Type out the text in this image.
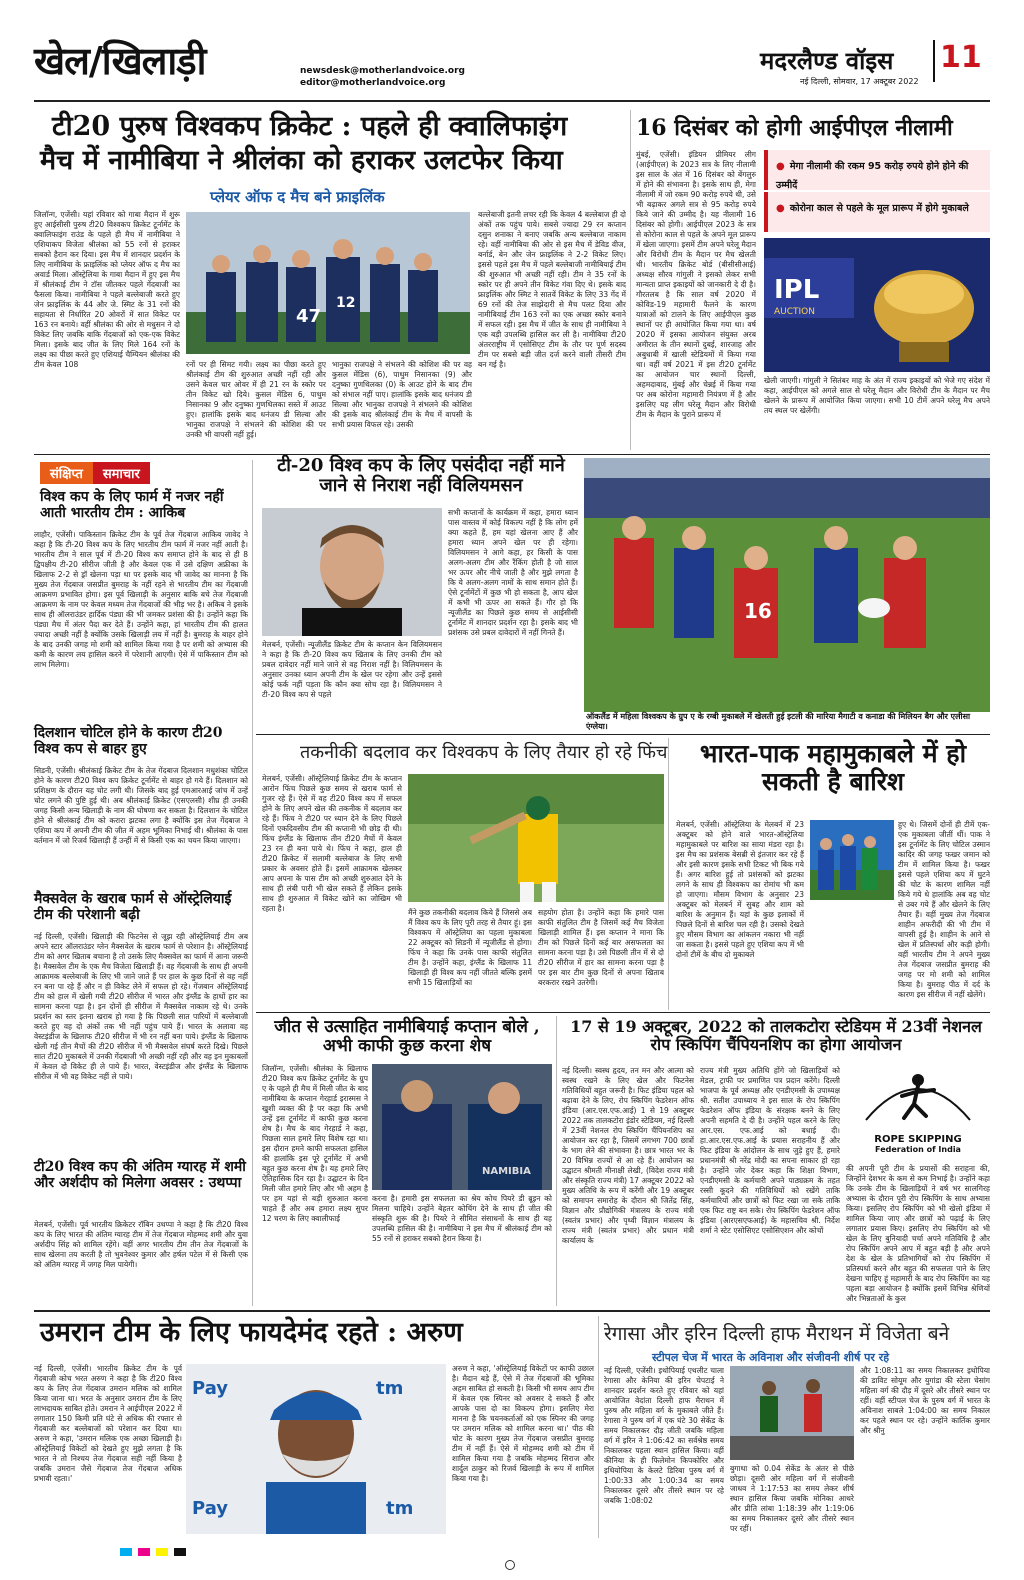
खेल/खिलाड़ी	newsdesk@motherlandvoice.org
editor@motherlandvoice.org
मदरलैण्ड वॉइस 11
नई दिल्ली, सोमवार, 17 अक्टूबर 2022
टी20 पुरुष विश्वकप क्रिकेट : पहले ही क्वालिफाइंग
मैच में नामीबिया ने श्रीलंका को हराकर उलटफेर किया
प्लेयर ऑफ द मैच बने फ्राइलिंक
जिलॉन्ग, एजेंसी। यहां रविवार को गाबा मैदान में शुरू हुए आईसीसी पुरुष टी20 विश्वकप क्रिकेट टूर्नामेंट के क्वालिफाइंग राउंड के पहले ही मैच में नामीबिया ने एशियाकप विजेता श्रीलंका को 55 रनों से हराकर सबको हैरान कर दिया। इस मैच में शानदार प्रदर्शन के लिए नामीबिया के फ्राइलिंक को प्लेयर ऑफ द मैच का अवार्ड मिला। ऑस्ट्रेलिया के गाबा मैदान में हुए इस मैच में श्रीलंकाई टीम ने टॉस जीतकर पहले गेंदबाजी का फैसला किया। नामीबिया ने पहले बल्लेबाजी करते हुए जेन फ्राइलिंक के 44 और जे. स्मिट के 31 रनों की सहायता से निर्धारित 20 ओवरों में सात विकेट पर 163 रन बनाये। वहीं श्रीलंका की ओर से मधुसन ने दो विकेट लिए जबकि बाकि गेंदबाजों को एक-एक विकेट मिला। इसके बाद जीत के लिए मिले 164 रनों के लक्ष्य का पीछा करते हुए एशियाई चैम्पियन श्रीलंका की टीम केवल 108
47
12
बल्लेबाजी इतनी लचर रही कि केवल 4 बल्लेबाज ही दो अंकों तक पहुंच पाये। सबसे ज्यादा 29 रन कप्तान दसुन शनाका ने बनाए जबकि अन्य बल्लेबाज नाकाम रहे। वहीं नामीबिया की ओर से इस मैच में डेविड वीज, बर्नार्ड, बेन और जेन फ्राइलिंक ने 2-2 विकेट लिए। इससे पहले इस मैच में पहले बल्लेबाजी नामीबियाई टीम की शुरुआत भी अच्छी नहीं रही। टीम ने 35 रनों के स्कोर पर ही अपने तीन विकेट गंवा दिए थे। इसके बाद फ्राइलिंक और स्मिट ने सातवें विकेट के लिए 33 गेंद में 69 रनों की तेज साझेदारी से मैच पलट दिया और नामीबियाई टीम 163 रनों का एक अच्छा स्कोर बनाने में सफल रही। इस मैच में जीत के साथ ही नामीबिया ने एक बड़ी उपलब्धि हासिल कर ली है। नामीबिया टी20 अंतरराष्ट्रीय में एसोसिएट टीम के तौर पर पूर्ण सदस्य टीम पर सबसे बड़ी जीत दर्ज करने वाली तीसरी टीम बन गई है।
रनों पर ही सिमट गयी। लक्ष्य का पीछा करते हुए श्रीलंकाई टीम की शुरुआत अच्छी नहीं रही और उसने केवल चार ओवर में ही 21 रन के स्कोर पर तीन विकेट खो दिये। कुसल मेंडिस 6, पाथुम निसानका 9 और दनुष्का गुणथिलका सस्ते में आउट हुए। हालांकि इसके बाद धनंजय डी सिल्वा और भानुका राजपक्षे ने संभलने की कोशिश की पर उनकी भी वापसी नहीं हुई।
भानुका राजपक्षे ने संभलने की कोशिश की पर वह कुसल मेंडिस (6), पाथुम निसानका (9) और दनुष्का गुणथिलका (0) के आउट होने के बाद टीम को संभाल नहीं पाए। हालांकि इसके बाद धनंजय डी सिल्वा और भानुका राजपक्षे ने संभलने की कोशिश की इसके बाद श्रीलंकाई टीम के मैच में वापसी के सभी प्रयास विफल रहे। उसकी
16 दिसंबर को होगी आईपीएल नीलामी
मुंबई, एजेंसी। इंडियन प्रीमियर लीग (आईपीएल) के 2023 सत्र के लिए नीलामी इस साल के अंत में 16 दिसंबर को बेंगलुरु में होने की संभावना है। इसके साथ ही, मेगा नीलामी में जो रकम 90 करोड़ रुपये थी, उसे भी बढ़ाकर अगले सत्र से 95 करोड़ रुपये किये जाने की उम्मीद है। यह नीलामी 16 दिसंबर को होगी। आईपीएल 2023 के सत्र से कोरोना काल से पहले के अपने मूल प्रारूप में खेला जाएगा। इसमें टीम अपने घरेलू मैदान और विरोधी टीम के मैदान पर मैच खेलती थी। भारतीय क्रिकेट बोर्ड (बीसीसीआई) अध्यक्ष सौरव गांगुली ने इसको लेकर सभी मान्यता प्राप्त इकाइयों को जानकारी दे दी है। गौरतलब है कि साल वर्ष 2020 में कोविड-19 महामारी फैलने के कारण यात्राओं को टालने के लिए आईपीएल कुछ स्थानों पर ही आयोजित किया गया था। वर्ष 2020 में इसका आयोजन संयुक्त अरब अमीरात के तीन स्थानों दुबई, शारजाह और अबुधाबी में खाली स्टेडियमों में किया गया था। वहीं वर्ष 2021 में इस टी20 टूर्नामेंट का आयोजन चार स्थानों दिल्ली, अहमदाबाद, मुंबई और चेन्नई में किया गया पर अब कोरोना महामारी नियंत्रण में है और इसलिए यह लीग घरेलू मैदान और विरोधी टीम के मैदान के पुराने प्रारूप में
● मेगा नीलामी की रकम 95 करोड़ रुपये होने होने की उम्मीदें
● कोरोना काल से पहले के मूल प्रारूप में होगे मुकाबले
IPL
AUCTION
खेली जाएगी। गांगुली ने सितंबर माह के अंत में राज्य इकाइयों को भेजे गए संदेश में कहा, आईपीएल को अगले साल से घरेलू मैदान और विरोधी टीम के मैदान पर मैच खेलने के प्रारूप में आयोजित किया जाएगा। सभी 10 टीमें अपने घरेलू मैच अपने तय स्थल पर खेलेंगी।
संक्षिप्त	समाचार
विश्व कप के लिए फार्म में नजर नहीं आती भारतीय टीम : आकिब
लाहौर, एजेंसी। पाकिस्तान क्रिकेट टीम के पूर्व तेज गेंदबाज आकिब जावेद ने कहा है कि टी-20 विश्व कप के लिए भारतीय टीम फार्म में नजर नहीं आती है। भारतीय टीम ने साल पूर्व में टी-20 विश्व कप समाप्त होने के बाद से ही 8 द्विपक्षीय टी-20 सीरीज जीती है और केवल एक में उसे दक्षिण अफ्रीका के खिलाफ 2-2 से ड्रॉ खेलना पड़ा था पर इसके बाद भी जावेद का मानना है कि मुख्य तेज गेंदबाज जसप्रीत बुमराह के नहीं रहने से भारतीय टीम का गेंदबाजी आक्रमण प्रभावित होगा। इस पूर्व खिलाड़ी के अनुसार बाकि बचे तेज गेंदबाजी आक्रमण के नाम पर केवल मध्यम तेज गेंदबाजों की भीड़ भर है। अकिब ने इसके साथ ही ऑलराउंडर हार्दिक पंड्या की भी जमकर प्रशंसा की है। उन्होंने कहा कि पंड्या मैच में अंतर पैदा कर देते हैं। उन्होंने कहा, हां भारतीय टीम की हालत ज्यादा अच्छी नहीं है क्योंकि उसके खिलाड़ी लय में नहीं है। बुमराह के बाहर होने के बाद उनकी जगह मो शमी को शामिल किया गया है पर शमी को अभ्यास की कमी के कारण लय हासिल करने में परेशानी आएगी। ऐसे में पाकिस्तान टीम को लाभ मिलेगा।
दिलशान चोटिल होने के कारण टी20 विश्व कप से बाहर हुए
सिडनी, एजेंसी। श्रीलंकाई क्रिकेट टीम के तेज गेंदबाज दिलशान मधुशंका चोटिल होने के कारण टी20 विश्व कप क्रिकेट टूर्नामेंट से बाहर हो गये हैं। दिलशान को प्रशिक्षण के दौरान यह चोट लगी थी। जिसके बाद हुई एमआरआई जांच में उन्हें चोट लगने की पुष्टि हुई थी। अब श्रीलंकाई क्रिकेट (एसएलसी) शीघ्र ही उनकी जगह किसी अन्य खिलाड़ी के नाम की घोषणा कर सकता है। दिलशान के चोटिल होने से श्रीलंकाई टीम को करारा झटका लगा है क्योंकि इस तेज गेंदबाज ने एशिया कप में अपनी टीम की जीत में अहम भूमिका निभाई थी। श्रीलंका के पास वर्तमान में जो रिजर्व खिलाड़ी हैं उन्हीं में से किसी एक का चयन किया जाएगा।
मैक्सवेल के खराब फार्म से ऑस्ट्रेलियाई टीम की परेशानी बढ़ी
नई दिल्ली, एजेंसी। खिलाड़ी की फिटनेस से जूझ रही ऑस्ट्रेलियाई टीम अब अपने स्टार ऑलराउंडर ग्लेन मैक्सवेल के खराब फार्म से परेशान है। ऑस्ट्रेलियाई टीम को अगर खिताब बचाना है तो उसके लिए मैक्सवेल का फार्म में आना जरूरी है। मैक्सवेल टीम के एक मैच विजेता खिलाड़ी हैं। वह गेंदबाजी के साथ ही अपनी आक्रामक बल्लेबाजी के लिए भी जाने जाते हैं पर हाल के कुछ दिनों से वह नहीं रन बना पा रहे हैं और न ही विकेट लेने में सफल हो रहे। गेंजबान ऑस्ट्रेलियाई टीम को हाल में खेली गयी टी20 सीरीज में भारत और इंग्लैंड के हाथों हार का सामना करना पड़ा है। इन दोनों ही सीरीज में मैक्सवेल नाकाम रहे थे। उनके प्रदर्शन का स्तर इतना खराब हो गया है कि पिछली सात पारियों में बल्लेबाजी करते हुए वह दो अंकों तक भी नहीं पहुंच पाये हैं। भारत के अलावा वह वेस्टइंडीज के खिलाफ टी20 सीरीज में भी रन नहीं बना पाये। इंग्लैंड के खिलाफ खेली गई तीन मैचों की टी20 सीरीज में भी मैक्सवेल संघर्ष करते दिखे। पिछले सात टी20 मुकाबले में उनकी गेंदबाजी भी अच्छी नहीं रही और वह इन मुकाबलों में केवल दो विकेट ही ले पाये हैं। भारत, वेस्टइंडीज और इंग्लैंड के खिलाफ सीरीज में भी वह विकेट नहीं ले पाये।
टी20 विश्व कप की अंतिम ग्यारह में शमी और अर्शदीप को मिलेगा अवसर : उथप्पा
मेलबर्न, एजेंसी। पूर्व भारतीय क्रिकेटर रॉबिन उथप्पा ने कहा है कि टी20 विश्व कप के लिए भारत की अंतिम ग्यारह टीम में तेज गेंदबाज मोहम्मद शमी और युवा अर्शदीप सिंह को शामिल रहेंगे। वहीं अगर भारतीय टीम तीन तेज गेंदबाजों के साथ खेलना तय करती है तो भुवनेश्वर कुमार और हर्षल पटेल में से किसी एक को अंतिम ग्यारह में जगह मिल पायेगी।
टी-20 विश्व कप के लिए पसंदीदा नहीं माने जाने से निराश नहीं विलियमसन
सभी कप्तानों के कार्यक्रम में कहा, हमारा ध्यान पास वास्तव में कोई विकल्प नहीं है कि लोग हमें क्या कहते हैं, हम यहां खेलना आए हैं और हमारा ध्यान अपने खेल पर ही रहेगा। विलियमसन ने आगे कहा, हर किसी के पास अलग-अलग टीम और रैंकिंग होती है जो साल भर ऊपर और नीचे जाती है और मुझे लगता है कि ये अलग-अलग नामों के साथ समान होते हैं। ऐसे टूर्नामेंटों में कुछ भी हो सकता है, आप खेल में कभी भी ऊपर आ सकते हैं। गौर हो कि न्यूजीलैंड का पिछले कुछ समय से आईसीसी टूर्नामेंट में शानदार प्रदर्शन रहा है। इसके बाद भी प्रशंसक उसे प्रबल दावेदारों में नहीं गिनते हैं।
मेलबर्न, एजेंसी। न्यूजीलैंड क्रिकेट टीम के कप्तान केन विलियमसन ने कहा है कि टी-20 विश्व कप खिताब के लिए उनकी टीम को प्रबल दावेदार नहीं माने जाने से वह निराश नहीं है। विलियमसन के अनुसार उनका ध्यान अपनी टीम के खेल पर रहेगा और उन्हें इससे कोई फर्क नहीं पड़ता कि कौन क्या सोच रहा है। विलियमसन ने टी-20 विश्व कप से पहले
16
ऑकलैंड में महिला विश्वकप के ग्रुप ए के रग्बी मुकाबले में खेलती हुई इटली की मारिया मैगाटी व कनाडा की मिलियन बैग और एलीसा एंग्लेया।
तकनीकी बदलाव कर विश्वकप के लिए तैयार हो रहे फिंच
मेलबर्न, एजेंसी। ऑस्ट्रेलियाई क्रिकेट टीम के कप्तान आरोन फिंच पिछले कुछ समय से खराब फार्म से गुजर रहे हैं। ऐसे में वह टी20 विश्व कप में सफल होने के लिए अपने खेल की तकनीक में बदलाव कर रहे हैं। फिंच ने टी20 पर ध्यान देने के लिए पिछले दिनों एकदिवसीय टीम की कप्तानी भी छोड़ दी थी। फिंच इंग्लैंड के खिलाफ तीन टी20 मैचों में केवल 23 रन ही बना पाये थे। फिंच ने कहा, हाल ही टी20 क्रिकेट में सलामी बल्लेबाज के लिए सभी प्रकार के अवसर होते हैं। इसमें आक्रामक खेलकर आप अपना के पास टीम को अच्छी शुरुआत देने के साथ ही लंबी पारी भी खेल सकते हैं लेकिन इसके साथ ही शुरुआत में विकेट खोने का जोखिम भी रहता है।	मैंने कुछ तकनीकी बदलाव किये हैं जिससे अब मैं विश्व कप के लिए पूरी तरह से तैयार हूं। इस विश्वकप में ऑस्ट्रेलिया का पहला मुकाबला 22 अक्टूबर को सिडनी में न्यूजीलैंड से होगा। फिंच ने कहा कि उनके पास काफी संतुलित टीम है। उन्होंने कहा, इंग्लैंड के खिलाफ 11 खिलाड़ी ही विश्व कप नहीं जीतते बल्कि इसमें सभी 15 खिलाड़ियों का
सहयोग होता है। उन्होंने कहा कि हमारे पास काफी संतुलित टीम है जिसमें कई मैच विजेता खिलाड़ी शामिल हैं। इस कप्तान ने माना कि टीम को पिछले दिनों कई बार असफलता का सामना करना पड़ा है। उसे पिछली तीन में से दो टी20 सीरीज में हार का सामना करना पड़ा है पर इस बार टीम कुछ दिनों से अपना खिताब बरकरार रखने उतरेगी।
भारत-पाक महामुकाबले में हो सकती है बारिश
मेलबर्न, एजेंसी। ऑस्ट्रेलिया के मेलबर्न में 23 अक्टूबर को होने वाले भारत-ऑस्ट्रेलिया महामुकाबले पर बारिश का साया मंडरा रहा है। इस मैच का प्रशंसक बेसब्री से इंतजार कर रहे हैं और इसी कारण इसके सभी टिकट भी बिक गये हैं। अगर बारिश हुई तो प्रशंसकों को झटका लगने के साथ ही विश्वकप का रोमांच भी कम हो जाएगा। मौसम विभाग के अनुसार 23 अक्टूबर को मेलबर्न में सुबह और शाम को बारिश के अनुमान हैं। यहां के कुछ इलाकों में पिछले दिनों से बारिश चल रही है। उसको देखते हुए मौसम विभाग का आंकलन नकारा भी नहीं जा सकता है। इससे पहले हुए एशिया कप में भी दोनों टीमें के बीच दो मुकाबले
हुए थे। जिसमें दोनों ही टीमें एक-एक मुकाबला जीतीं थीं। पाक ने इस टूर्नामेंट के लिए चोटिल उस्मान कादिर की जगह फखर जमान को टीम में शामिल किया है। फखर इससे पहले एशिया कप में घुटने की चोट के कारण शामिल नहीं किये गये थे हालांकि अब वह चोट से उबर गये हैं और खेलने के लिए तैयार हैं। वहीं मुख्य तेज गेंदबाज शाहीन अफरीदी की भी टीम में वापसी हुई है। शाहीन के आने से खेल में प्रतिस्पर्धा और कड़ी होगी। वहीं भारतीय टीम ने अपने मुख्य तेज गेंदबाज जसप्रीत बुमराह की जगह पर मो शमी को शामिल किया है। बुमराह पीठ में दर्द के कारण इस सीरीज में नहीं खेलेंगे।
जीत से उत्साहित नामीबियाई कप्तान बोले , अभी काफी कुछ करना शेष
जिलॉन्ग, एजेंसी। श्रीलंका के खिलाफ टी20 विश्व कप क्रिकेट टूर्नामेंट के ग्रुप ए के पहले ही मैच में मिली जीत के बाद नामीबिया के कप्तान गेरहार्ड इरास्मस ने खुशी व्यक्त की है पर कहा कि अभी उन्हें इस टूर्नामेंट में काफी कुछ करना शेष है। मैच के बाद गेरहार्ड ने कहा, पिछला साल हमारे लिए विशेष रहा था। इस दौरान हमने काफी सफलता हासिल की हालांकि इस पूरे टूर्नामेंट में अभी बहुत कुछ करना शेष है। यह हमारे लिए ऐतिहासिक दिन रहा है। उद्घाटन के दिन मिली जीत हमारे लिए और भी अहम है पर हम यहां से बड़ी शुरुआत करना चाहते हैं और अब हमारा लक्ष्य सुपर 12 चरण के लिए क्वालीफाई
NAMIBIA
करना है। हमारी इस सफलता का श्रेय कोच पियरे डी ब्रूइन को मिलना चाहिये। उन्होंने बेहतर कोचिंग देने के साथ ही जीत की संस्कृति शुरू की है। पियरे ने सीमित संसाधनों के साथ ही यह उपलब्धि हासिल की है। नामीबिया ने इस मैच में श्रीलंकाई टीम को 55 रनों से हराकर सबको हैरान किया है।
17 से 19 अक्टूबर, 2022 को तालकटोरा स्टेडियम में 23वीं नेशनल रोप स्किपिंग चैंपियनशिप का होगा आयोजन
नई दिल्ली। स्वस्थ हृदय, तन मन और आत्मा को स्वस्थ रखने के लिए खेल और फिटनेस गतिविधियों बहुत जरूरी है। फिट इंडिया पहल को बढ़ावा देने के लिए, रोप स्किपिंग फेडरेशन ऑफ इंडिया (आर.एस.एफ.आई) 1 से 19 अक्टूबर 2022 तक तालकटोरा इंडोर स्टेडियम, नई दिल्ली में 23वीं नेशनल रोप स्किपिंग चैंपियनशिप का आयोजन कर रहा है, जिसमें लगभग 700 छात्रों के भाग लेने की संभावना है। छात्र भारत भर के 20 विभिन्न राज्यों से आ रहे हैं। आयोजन का उद्घाटन श्रीमती मीनाक्षी लेखी, (विदेश राज्य मंत्री और संस्कृति राज्य मंत्री) 17 अक्टूबर 2022 को मुख्य अतिथि के रूप में करेंगी और 19 अक्टूबर को समापन समारोह के दौरान श्री जितेंद्र सिंह, विज्ञान और प्रौद्योगिकी मंत्रालय के राज्य मंत्री (स्वतंत्र प्रभार) और पृथ्वी विज्ञान मंत्रालय के राज्य मंत्री (स्वतंत्र प्रभार) और प्रधान मंत्री कार्यालय के
राज्य मंत्री मुख्य अतिथि होंगे जो खिलाड़ियों को मेडल, ट्राफी पर प्रमाणित पत्र प्रदान करेंगे। दिल्ली भाजपा के पूर्व अध्यक्ष और एनडीएमसी के उपाध्यक्ष श्री. सतीश उपाध्याय ने इस साल के रोप स्किपिंग फेडरेशन ऑफ इंडिया के संरक्षक बनने के लिए अपनी सहमति दे दी है। उन्होंने पहल करने के लिए आर.एस. एफ.आई को बधाई दी। हा.आर.एस.एफ.आई के प्रयास सराहनीय हैं और फिट इंडिया के आंदोलन के साथ जुड़े हुए हैं, हमारे प्रधानमंत्री श्री नरेंद्र मोदी का सपना साकार हो रहा है। उन्होंने जोर देकर कहा कि शिक्षा विभाग, एनडीएमसी के कर्मचारी अपने पाठ्यक्रम के तहत रस्सी कूदने की गतिविधियों को रखेंगे ताकि कर्मचारियों और छात्रों को फिट रखा जा सके ताकि एक फिट राष्ट्र बन सके। रोप स्किपिंग फेडरेशन ऑफ इंडिया (आरएसएफआई) के महासचिव श्री. निर्देश शर्मा ने स्टेट एसोसिएट एसोसिएशन और कोचों
ROPE SKIPPING
Federation of India
की अपनी पूरी टीम के प्रयासों की सराहना की, जिन्होंने देशभर के कम से कम निभाई है। उन्होंने कहा कि उनके टीम के खिलाड़ियों ने वर्ष भर सालगिरह अभ्यास के दौरान पूरी रोप स्किपिंग के साथ अभ्यास किया। इसलिए रोप स्किपिंग को भी खेलो इंडिया में शामिल किया जाए और छात्रों को पढ़ाई के लिए लगातार प्रयास किए। इसलिए रोप स्किपिंग को भी खेल के लिए बुनियादी चर्चा अपने गतिविधि है और रोप स्किपिंग अपने आप में बहुत बड़ी है और अपने देश के खेल के प्रतिभागियों को रोप स्किपिंग में प्रतिस्पर्धा करने और बहुत की सफलता पाने के लिए देखना चाहिए हूं महामारी के बाद रोप स्किपिंग का यह पहला बड़ा आयोजन है क्योंकि इसमें विभिन्न श्रेणियों और भिन्नताओं के कुल
उमरान टीम के लिए फायदेमंद रहते : अरुण
नई दिल्ली, एजेंसी। भारतीय क्रिकेट टीम के पूर्व गेंदबाजी कोच भरत अरुण ने कहा है कि टी20 विश्व कप के लिए तेज गेंदबाज उमरान मलिक को शामिल किया जाना था। भरत के अनुसार उमरान टीम के लिए लाभदायक साबित होते। उमरान ने आईपीएल 2022 में लगातार 150 किमी प्रति घंटे से अधिक की रफ्तार से गेंदबाजी कर बल्लेबाजों को परेशान कर दिया था। अरुण ने कहा, 'उमरान मलिक एक अच्छा खिलाड़ी है। ऑस्ट्रेलियाई विकेटों को देखते हुए मुझे लगता है कि भारत ने तो निश्चय तेज गेंदबाज सही नहीं किया है जबकि उमरान जैसे गेंदबाज तेज गेंदबाज अधिक प्रभावी रहता।'
Pay	tm
Pay	tm
अरुण ने कहा, 'ऑस्ट्रेलियाई विकेटों पर काफी उछाल है। मैदान बड़े हैं, ऐसे में तेज गेंदबाजों की भूमिका अहम साबित हो सकती है। किसी भी समय आप टीम में केवल एक स्पिनर को अवसर दे सकते हैं और आपके पास दो का विकल्प होगा। इसलिए मेरा मानना है कि चयनकर्ताओं को एक स्पिनर की जगह पर उमरान मलिक को शामिल करना था।' पीठ की चोट के कारण मुख्य तेज गेंदबाज जसप्रीत बुमराह टीम में नहीं हैं। ऐसे में मोहम्मद शमी को टीम में शामिल किया गया है जबकि मोहम्मद सिराज और शार्दुल ठाकुर को रिजर्व खिलाड़ी के रूप में शामिल किया गया है।
रेगासा और इरिन दिल्ली हाफ मैराथन में विजेता बने
स्टीपल चेज में भारत के अविनाश और संजीवनी शीर्ष पर रहे
नई दिल्ली, एजेंसी। इथोपियाई एथलीट चाला रेगासा और केनिया की इरिन चेपटाई ने शानदार प्रदर्शन करते हुए रविवार को यहां आयोजित वेदांता दिल्ली हाफ मैराथन में पुरुष और महिला वर्ग के मुकाबले जीते हैं। रेगासा ने पुरुष वर्ग में एक घंटे 30 सेकेंड के समय निकालकर दौड़ जीती जबकि महिला वर्ग में इरिन ने 1:06:42 का सर्वश्रेष्ठ समय निकालकर पहला स्थान हासिल किया। वहीं कीनिया के ही फिलेमोन किपकोरिर और इथियोपिया के केलटे डिरिबा पुरुष वर्ग में 1:00:33 और 1:00:34 का समय निकालकर दूसरे और तीसरे स्थान पर रहे जबकि 1:08:02
बुगाथा को 0.04 सेकेंड के अंतर से पीछे छोड़ा। दूसरी ओर महिला वर्ग में संजीवनी जाधव ने 1:17:53 का समय लेकर शीर्ष स्थान हासिल किया जबकि मोनिका आथरे और प्रीति लांबा 1:18:39 और 1:19:06 का समय निकालकर दूसरे और तीसरे स्थान पर रहीं।
और 1:08:11 का समय निकालकर इथोपिया की डाविट सोयूम और युगांडा की स्टेला चेसांग महिला वर्ग की दौड़ में दूसरे और तीसरे स्थान पर रहीं। वहीं स्टीपल चेज के पुरुष वर्ग में भारत के अविनाश साबले 1:04:00 का समय निकाल कर पहले स्थान पर रहे। उन्होंने कार्तिक कुमार और श्रीनु
